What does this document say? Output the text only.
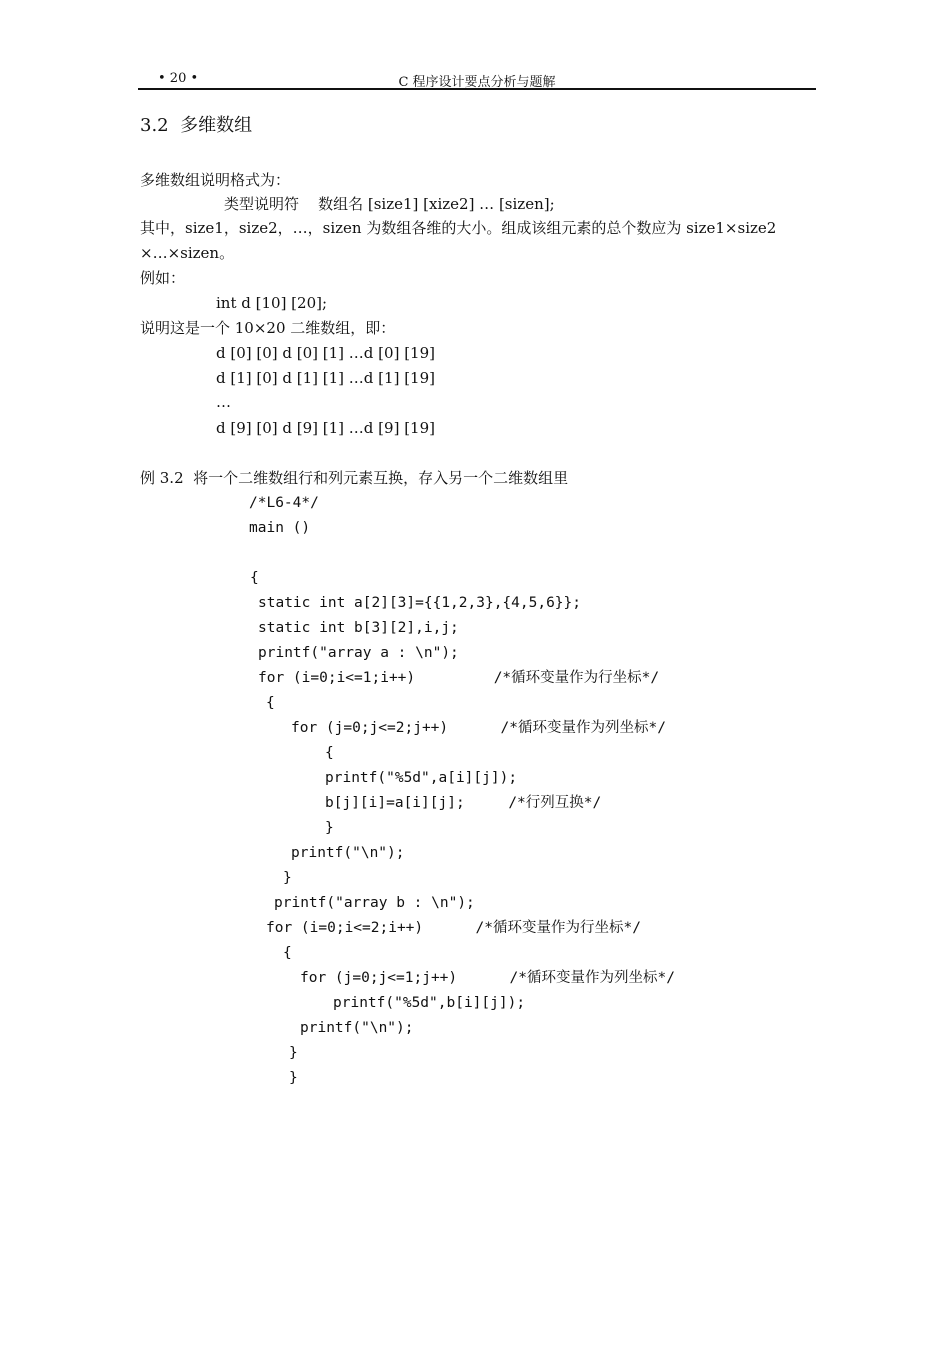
• 20 •	C 程序设计要点分析与题解
3.2  多维数组
多维数组说明格式为：
类型说明符    数组名 [size1] [xize2] … [sizen];
其中，size1，size2，…，sizen 为数组各维的大小。组成该组元素的总个数应为 size1×size2
×…×sizen。
例如：
int d [10] [20];
说明这是一个 10×20 二维数组，即：
d [0] [0] d [0] [1] …d [0] [19]
d [1] [0] d [1] [1] …d [1] [19]
…
d [9] [0] d [9] [1] …d [9] [19]
例 3.2  将一个二维数组行和列元素互换，存入另一个二维数组里
/*L6-4*/
main ()
{
static int a[2][3]={{1,2,3},{4,5,6}};
static int b[3][2],i,j;
printf("array a : \n");
for (i=0;i<=1;i++)         /*循环变量作为行坐标*/
{
for (j=0;j<=2;j++)      /*循环变量作为列坐标*/
{
printf("%5d",a[i][j]);
b[j][i]=a[i][j];     /*行列互换*/
}
printf("\n");
}
printf("array b : \n");
for (i=0;i<=2;i++)      /*循环变量作为行坐标*/
{
for (j=0;j<=1;j++)      /*循环变量作为列坐标*/
printf("%5d",b[i][j]);
printf("\n");
}
}
